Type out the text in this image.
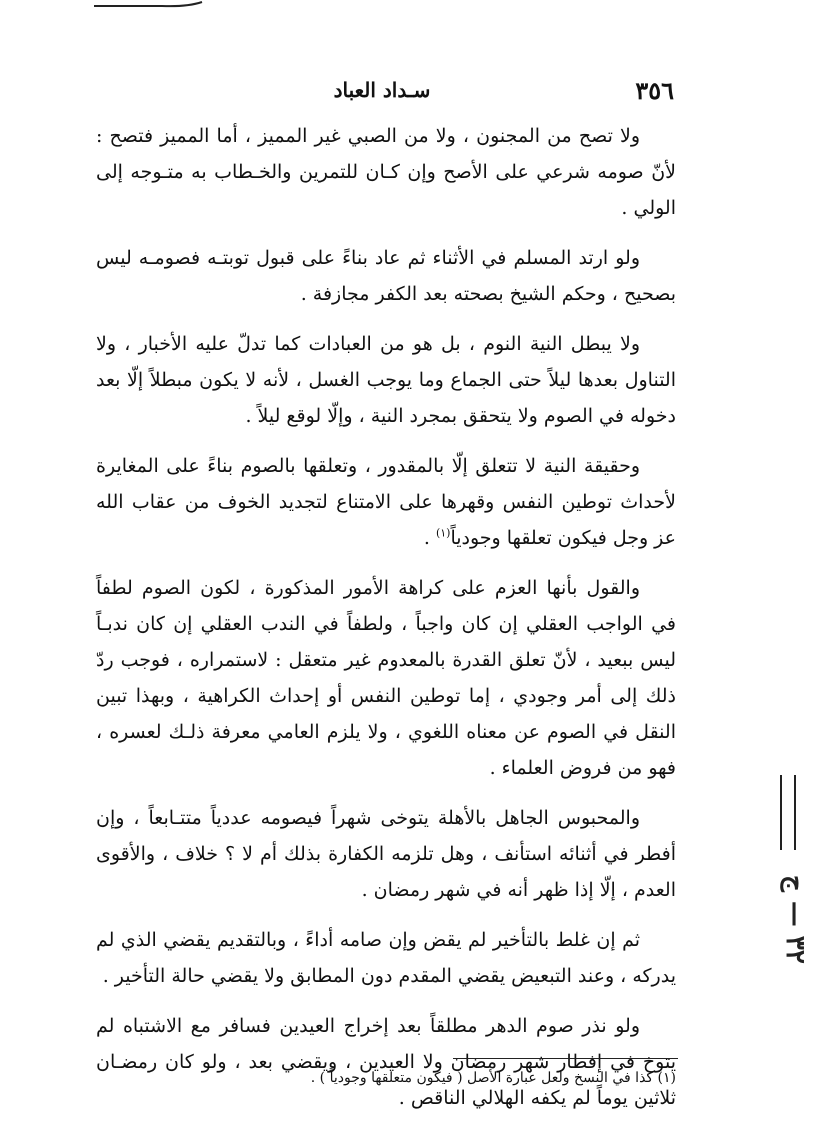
٣٥٦
سـداد العباد

ولا تصح من المجنون ، ولا من الصبي غير المميز ، أما المميز فتصح : لأنّ صومه شرعي على الأصح وإن كـان للتمرين والخـطاب به متـوجه إلى الولي .

ولو ارتد المسلم في الأثناء ثم عاد بناءً على قبول توبتـه فصومـه ليس بصحيح ، وحكم الشيخ بصحته بعد الكفر مجازفة .

ولا يبطل النية النوم ، بل هو من العبادات كما تدلّ عليه الأخبار ، ولا التناول بعدها ليلاً حتى الجماع وما يوجب الغسل ، لأنه لا يكون مبطلاً إلّا بعد دخوله في الصوم ولا يتحقق بمجرد النية ، وإلّا لوقع ليلاً .

وحقيقة النية لا تتعلق إلّا بالمقدور ، وتعلقها بالصوم بناءً على المغايرة لأحداث توطين النفس وقهرها على الامتناع لتجديد الخوف من عقاب الله عز وجل فيكون تعلقها وجودياً$^{(١)}$ .

والقول بأنها العزم على كراهة الأمور المذكورة ، لكون الصوم لطفاً في الواجب العقلي إن كان واجباً ، ولطفاً في الندب العقلي إن كان ندبـاً ليس ببعيد ، لأنّ تعلق القدرة بالمعدوم غير متعقل : لاستمراره ، فوجب ردّ ذلك إلى أمر وجودي ، إما توطين النفس أو إحداث الكراهية ، وبهذا تبين النقل في الصوم عن معناه اللغوي ، ولا يلزم العامي معرفة ذلـك لعسره ، فهو من فروض العلماء .

والمحبوس الجاهل بالأهلة يتوخى شهراً فيصومه عددياً متتـابعاً ، وإن أفطر في أثنائه استأنف ، وهل تلزمه الكفارة بذلك أم لا ؟ خلاف ، والأقوى العدم ، إلّا إذا ظهر أنه في شهر رمضان .

ثم إن غلط بالتأخير لم يقض وإن صامه أداءً ، وبالتقديم يقضي الذي لم يدركه ، وعند التبعيض يقضي المقدم دون المطابق ولا يقضي حالة التأخير .

ولو نذر صوم الدهر مطلقاً بعد إخراج العيدين فسافر مع الاشتباه لم يتوخ في إفطار شهر رمضان ولا العيدين ، ويقضي بعد ، ولو كان رمضـان ثلاثين يوماً لم يكفه الهلالي الناقص .

(١) كذا في النسخ ولعل عبارة الأصل ( فيكون متعلقها وجودياً ) .
٣٢ — ج
